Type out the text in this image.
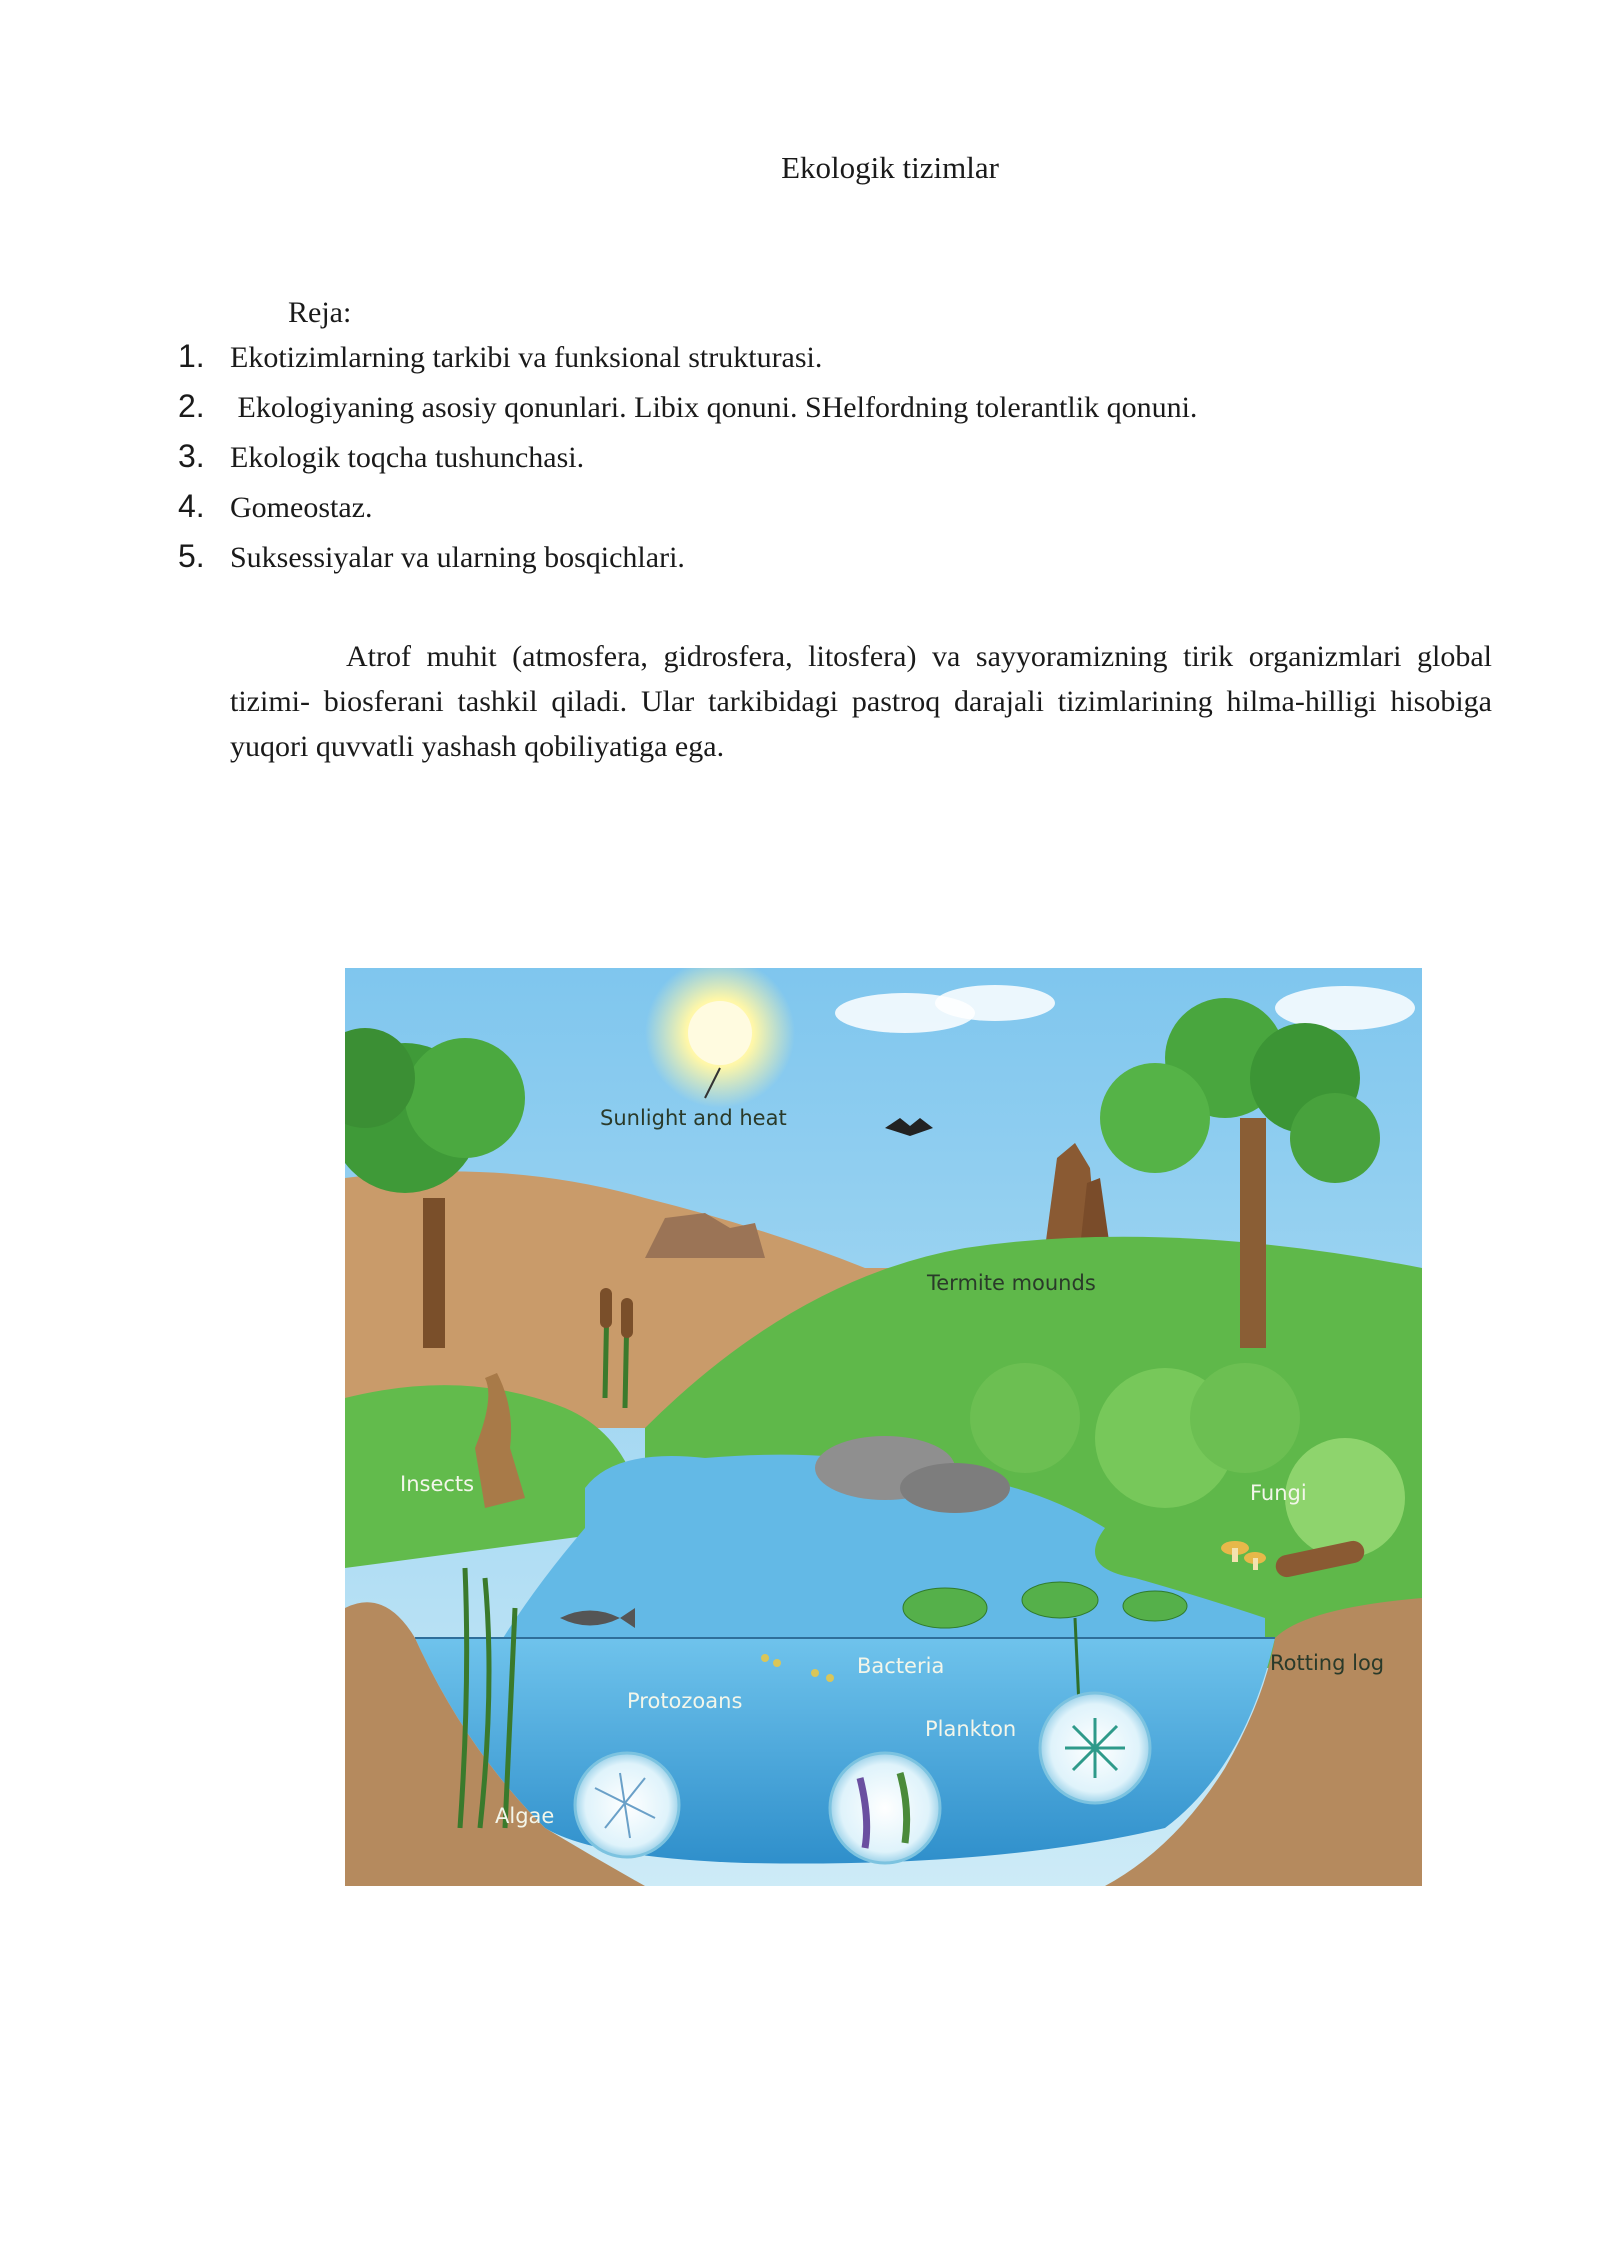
Ekologik tizimlar
Reja:
1. Ekotizimlarning tarkibi va funksional strukturasi.
2. Ekologiyaning asosiy qonunlari. Libix qonuni. SHelfordning tolerantlik qonuni.
3. Ekologik toqcha tushunchasi.
4. Gomeostaz.
5. Suksessiyalar va ularning bosqichlari.

Atrof muhit (atmosfera, gidrosfera, litosfera) va sayyoramizning tirik organizmlari global tizimi- biosferani tashkil qiladi. Ular tarkibidagi pastroq darajali tizimlarining hilma-hilligi hisobiga yuqori quvvatli yashash qobiliyatiga ega.

Sunlight and heat
Termite mounds
Insects	Fungi
Rotting log
Bacteria
Protozoans
Plankton
Algae
